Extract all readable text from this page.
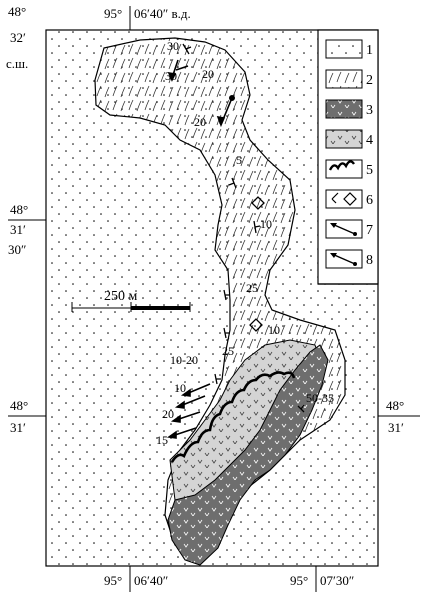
30
30 20
20
5
10
25
10
10-20
25
10
20
15
50-35
250 м
48°
32′
с.ш.
95° 06′40″ в.д.
48°
31′
30″
48°
31′
48°
31′
95° 06′40″	95° 07′30″
1
2
3
4
5
6
7
8
